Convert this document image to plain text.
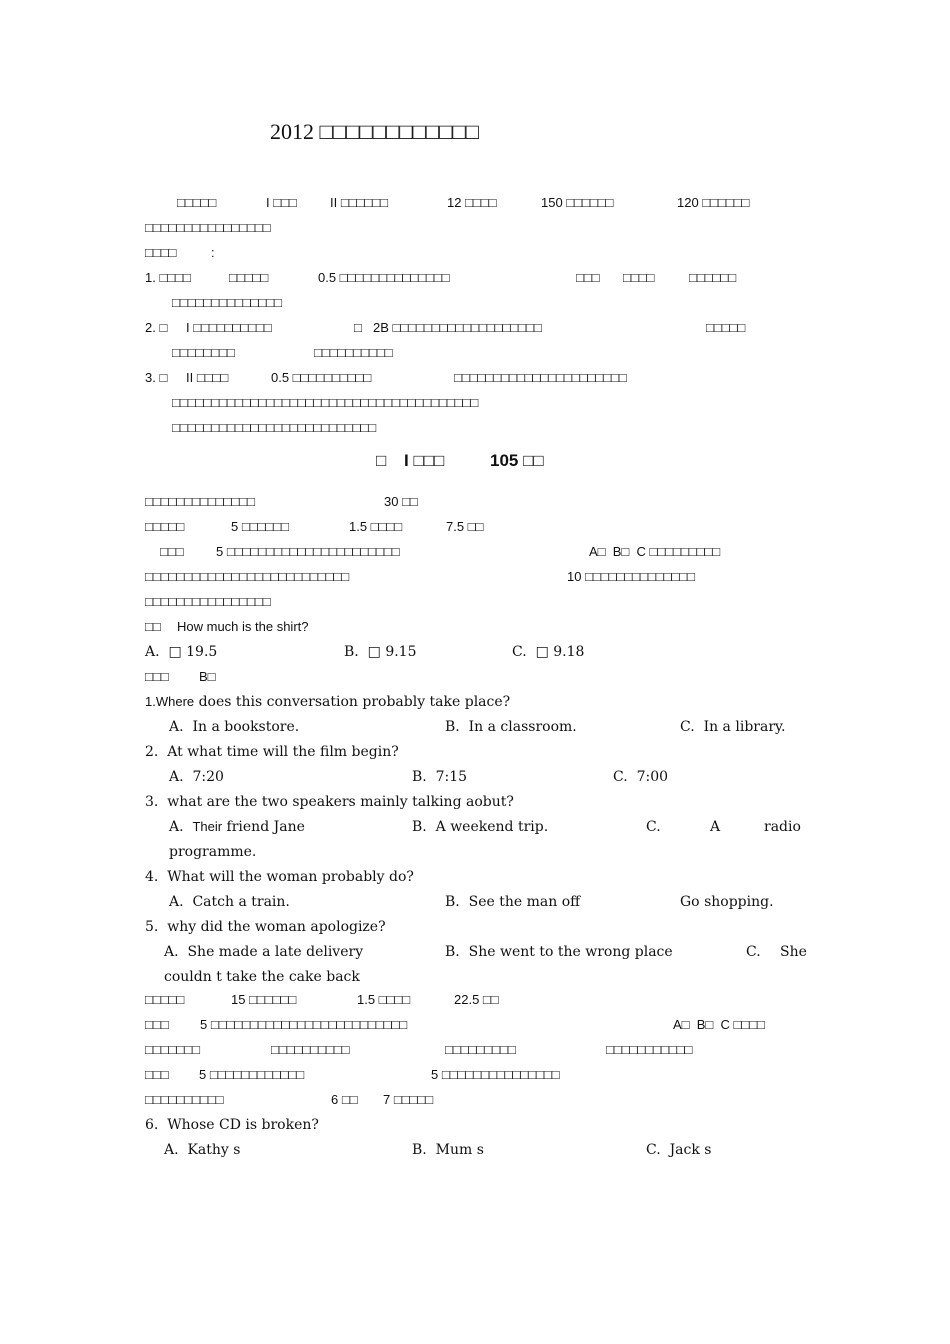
2012 □□□□□□□□□□□□
□□□□□	I □□□	II □□□□□□	12 □□□□	150 □□□□□□	120 □□□□□□
□□□□□□□□□□□□□□□□
□□□□	:
1. □□□□	□□□□□	0.5 □□□□□□□□□□□□□□	□□□ □□□□	□□□□□□
□□□□□□□□□□□□□□
2. □ I □□□□□□□□□□	□ 2B □□□□□□□□□□□□□□□□□□□	□□□□□
□□□□□□□□	□□□□□□□□□□
3. □ II □□□□	0.5 □□□□□□□□□□	□□□□□□□□□□□□□□□□□□□□□□
□□□□□□□□□□□□□□□□□□□□□□□□□□□□□□□□□□□□□□□
□□□□□□□□□□□□□□□□□□□□□□□□□□
□ I □□□	105 □□
□□□□□□□□□□□□□□	30 □□
□□□□□	5 □□□□□□	1.5 □□□□	7.5 □□
□□□ 5 □□□□□□□□□□□□□□□□□□□□□□	A□  B□  C □□□□□□□□□
□□□□□□□□□□□□□□□□□□□□□□□□□□	10 □□□□□□□□□□□□□□
□□□□□□□□□□□□□□□□
□□ How much is the shirt?
A.  □ 19.5	B.  □ 9.15	C.  □ 9.18
□□□ B□
1.Where does this conversation probably take place?
A.  In a bookstore.	B.  In a classroom.	C.  In a library.
2.  At what time will the film begin?
A.  7:20	B.  7:15	C.  7:00
3.  what are the two speakers mainly talking aobut?
A.  Their friend Jane	B.  A weekend trip.	C.	A	radio
programme.
4.  What will the woman probably do?
A.  Catch a train.	B.  See the man off	Go shopping.
5.  why did the woman apologize?
A.  She made a late delivery	B.  She went to the wrong place	C. She
couldn t take the cake back
□□□□□	15 □□□□□□	1.5 □□□□	22.5 □□
□□□ 5 □□□□□□□□□□□□□□□□□□□□□□□□□	A□  B□  C □□□□
□□□□□□□	□□□□□□□□□□	□□□□□□□□□	□□□□□□□□□□□
□□□ 5 □□□□□□□□□□□□	5 □□□□□□□□□□□□□□□
□□□□□□□□□□	6 □□ 7 □□□□□
6.  Whose CD is broken?
A.  Kathy s	B.  Mum s	C.  Jack s
